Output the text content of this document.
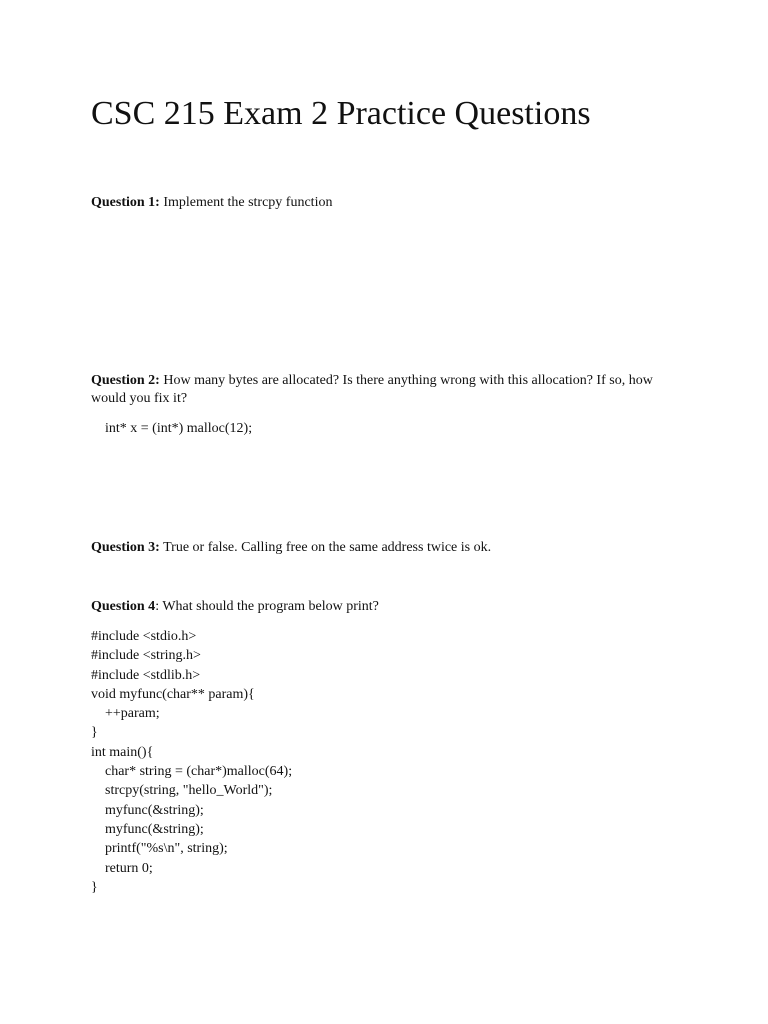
CSC 215 Exam 2 Practice Questions
Question 1: Implement the strcpy function
Question 2: How many bytes are allocated? Is there anything wrong with this allocation? If so, how would you fix it?
int* x = (int*) malloc(12);
Question 3: True or false. Calling free on the same address twice is ok.
Question 4: What should the program below print?
#include <stdio.h>
#include <string.h>
#include <stdlib.h>
void myfunc(char** param){
++param;
}
int main(){
char* string = (char*)malloc(64);
strcpy(string, "hello_World");
myfunc(&string);
myfunc(&string);
printf("%s\n", string);
return 0;
}
